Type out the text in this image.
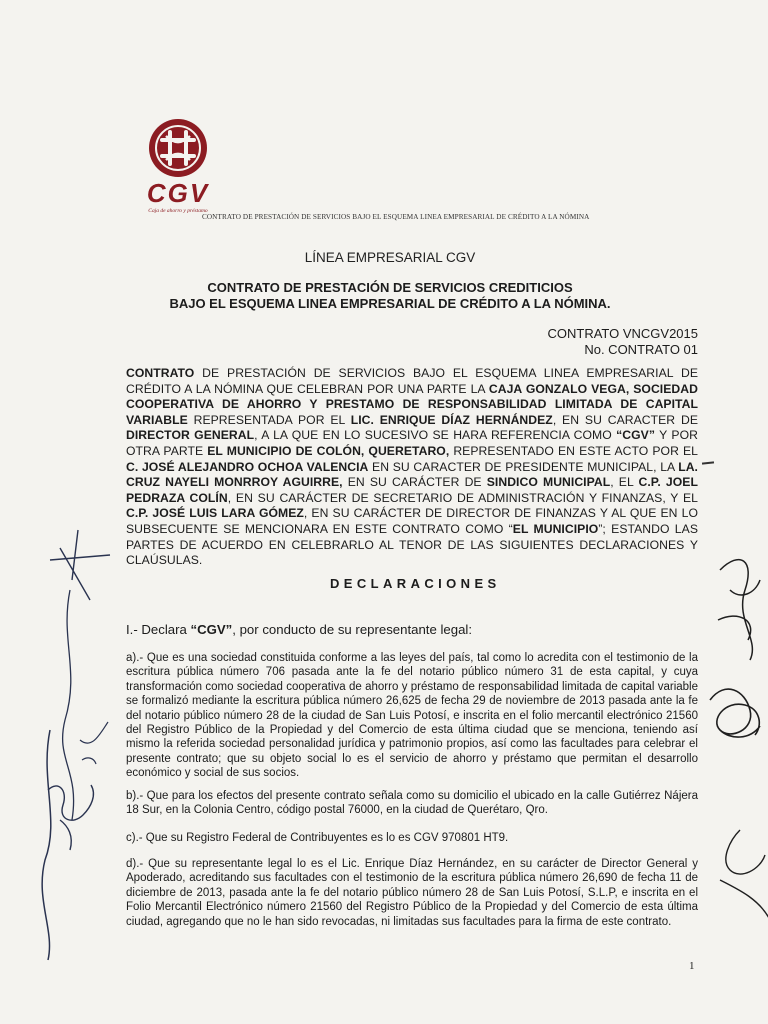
CGV
Caja de ahorro y préstamo
CONTRATO DE PRESTACIÓN DE SERVICIOS BAJO EL ESQUEMA LINEA EMPRESARIAL DE CRÉDITO A LA NÓMINA
LÍNEA EMPRESARIAL CGV
CONTRATO DE PRESTACIÓN DE SERVICIOS CREDITICIOS
BAJO EL ESQUEMA LINEA EMPRESARIAL DE CRÉDITO A LA NÓMINA.
CONTRATO VNCGV2015
No. CONTRATO 01
CONTRATO DE PRESTACIÓN DE SERVICIOS BAJO EL ESQUEMA LINEA EMPRESARIAL DE CRÉDITO A LA NÓMINA QUE CELEBRAN POR UNA PARTE LA CAJA GONZALO VEGA, SOCIEDAD COOPERATIVA DE AHORRO Y PRESTAMO DE RESPONSABILIDAD LIMITADA DE CAPITAL VARIABLE REPRESENTADA POR EL LIC. ENRIQUE DÍAZ HERNÁNDEZ, EN SU CARACTER DE DIRECTOR GENERAL, A LA QUE EN LO SUCESIVO SE HARA REFERENCIA COMO “CGV” Y POR OTRA PARTE EL MUNICIPIO DE COLÓN, QUERETARO, REPRESENTADO EN ESTE ACTO POR EL C. JOSÉ ALEJANDRO OCHOA VALENCIA EN SU CARACTER DE PRESIDENTE MUNICIPAL, LA LA. CRUZ NAYELI MONRROY AGUIRRE, EN SU CARÁCTER DE SINDICO MUNICIPAL, EL C.P. JOEL PEDRAZA COLÍN, EN SU CARÁCTER DE SECRETARIO DE ADMINISTRACIÓN Y FINANZAS, Y EL C.P. JOSÉ LUIS LARA GÓMEZ, EN SU CARÁCTER DE DIRECTOR DE FINANZAS Y AL QUE EN LO SUBSECUENTE SE MENCIONARA EN ESTE CONTRATO COMO “EL MUNICIPIO”; ESTANDO LAS PARTES DE ACUERDO EN CELEBRARLO AL TENOR DE LAS SIGUIENTES DECLARACIONES Y CLAÚSULAS.
DECLARACIONES
I.- Declara “CGV”, por conducto de su representante legal:
a).- Que es una sociedad constituida conforme a las leyes del país, tal como lo acredita con el testimonio de la escritura pública número 706 pasada ante la fe del notario público número 31 de esta capital, y cuya transformación como sociedad cooperativa de ahorro y préstamo de responsabilidad limitada de capital variable se formalizó mediante la escritura pública número 26,625 de fecha 29 de noviembre de 2013 pasada ante la fe del notario público número 28 de la ciudad de San Luis Potosí, e inscrita en el folio mercantil electrónico 21560 del Registro Público de la Propiedad y del Comercio de esta última ciudad que se menciona, teniendo así mismo la referida sociedad personalidad jurídica y patrimonio propios, así como las facultades para celebrar el presente contrato; que su objeto social lo es el servicio de ahorro y préstamo que permitan el desarrollo económico y social de sus socios.
b).- Que para los efectos del presente contrato señala como su domicilio el ubicado en la calle Gutiérrez Nájera 18 Sur, en la Colonia Centro, código postal 76000, en la ciudad de Querétaro, Qro.
c).- Que su Registro Federal de Contribuyentes es lo es CGV 970801 HT9.
d).- Que su representante legal lo es el Lic. Enrique Díaz Hernández, en su carácter de Director General y Apoderado, acreditando sus facultades con el testimonio de la escritura pública número 26,690 de fecha 11 de diciembre de 2013, pasada ante la fe del notario público número 28 de San Luis Potosí, S.L.P, e inscrita en el Folio Mercantil Electrónico número 21560 del Registro Público de la Propiedad y del Comercio de esta última ciudad, agregando que no le han sido revocadas, ni limitadas sus facultades para la firma de este contrato.
1
